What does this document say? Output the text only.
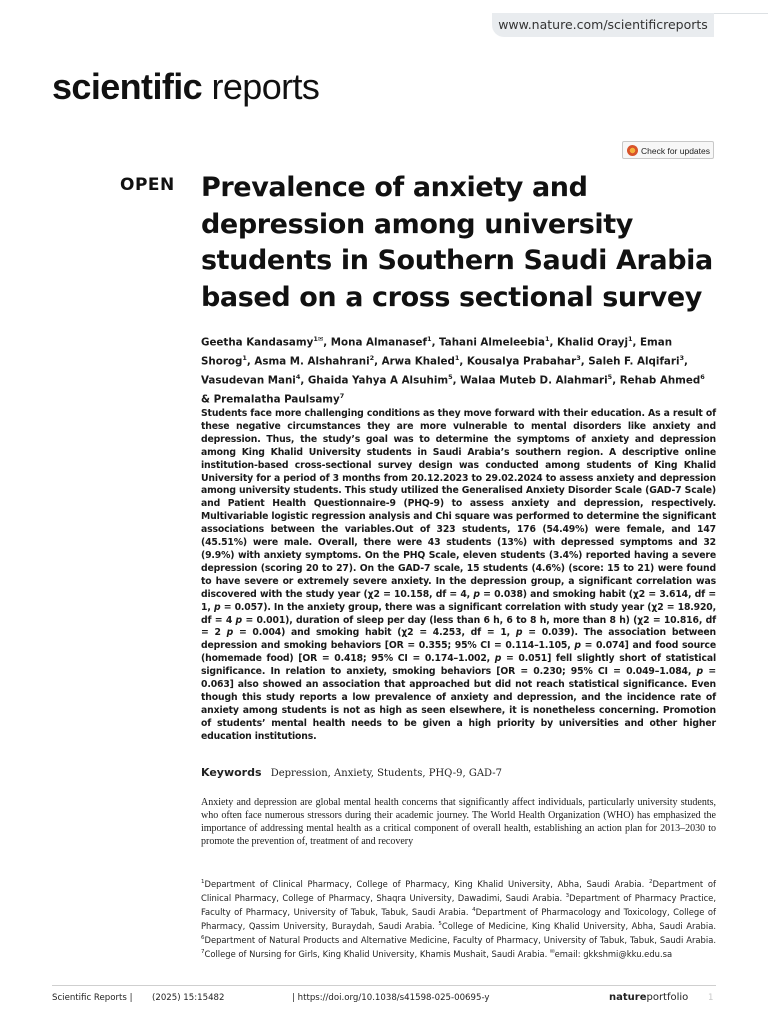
www.nature.com/scientificreports
scientific reports
Check for updates
OPEN Prevalence of anxiety and depression among university students in Southern Saudi Arabia based on a cross sectional survey
Geetha Kandasamy$^{1✉}$, Mona Almanasef$^1$, Tahani Almeleebia$^1$, Khalid Orayj$^1$, Eman Shorog$^1$, Asma M. Alshahrani$^2$, Arwa Khaled$^1$, Kousalya Prabahar$^3$, Saleh F. Alqifari$^3$, Vasudevan Mani$^4$, Ghaida Yahya A Alsuhim$^5$, Walaa Muteb D. Alahmari$^5$, Rehab Ahmed$^6$ & Premalatha Paulsamy$^7$
Students face more challenging conditions as they move forward with their education. As a result of these negative circumstances they are more vulnerable to mental disorders like anxiety and depression. Thus, the study’s goal was to determine the symptoms of anxiety and depression among King Khalid University students in Saudi Arabia’s southern region. A descriptive online institution-based cross-sectional survey design was conducted among students of King Khalid University for a period of 3 months from 20.12.2023 to 29.02.2024 to assess anxiety and depression among university students. This study utilized the Generalised Anxiety Disorder Scale (GAD-7 Scale) and Patient Health Questionnaire-9 (PHQ-9) to assess anxiety and depression, respectively. Multivariable logistic regression analysis and Chi square was performed to determine the significant associations between the variables.Out of 323 students, 176 (54.49%) were female, and 147 (45.51%) were male. Overall, there were 43 students (13%) with depressed symptoms and 32 (9.9%) with anxiety symptoms. On the PHQ Scale, eleven students (3.4%) reported having a severe depression (scoring 20 to 27). On the GAD-7 scale, 15 students (4.6%) (score: 15 to 21) were found to have severe or extremely severe anxiety. In the depression group, a significant correlation was discovered with the study year (χ2 = 10.158, df = 4, p = 0.038) and smoking habit (χ2 = 3.614, df = 1, p = 0.057). In the anxiety group, there was a significant correlation with study year (χ2 = 18.920, df = 4 p = 0.001), duration of sleep per day (less than 6 h, 6 to 8 h, more than 8 h) (χ2 = 10.816, df = 2 p = 0.004) and smoking habit (χ2 = 4.253, df = 1, p = 0.039). The association between depression and smoking behaviors [OR = 0.355; 95% CI = 0.114–1.105, p = 0.074] and food source (homemade food) [OR = 0.418; 95% CI = 0.174–1.002, p = 0.051] fell slightly short of statistical significance. In relation to anxiety, smoking behaviors [OR = 0.230; 95% CI = 0.049–1.084, p = 0.063] also showed an association that approached but did not reach statistical significance. Even though this study reports a low prevalence of anxiety and depression, and the incidence rate of anxiety among students is not as high as seen elsewhere, it is nonetheless concerning. Promotion of students’ mental health needs to be given a high priority by universities and other higher education institutions.
Keywords Depression, Anxiety, Students, PHQ-9, GAD-7

Anxiety and depression are global mental health concerns that significantly affect individuals, particularly university students, who often face numerous stressors during their academic journey. The World Health Organization (WHO) has emphasized the importance of addressing mental health as a critical component of overall health, establishing an action plan for 2013–2030 to promote the prevention of, treatment of and recovery

$^1$Department of Clinical Pharmacy, College of Pharmacy, King Khalid University, Abha, Saudi Arabia. $^2$Department of Clinical Pharmacy, College of Pharmacy, Shaqra University, Dawadimi, Saudi Arabia. $^3$Department of Pharmacy Practice, Faculty of Pharmacy, University of Tabuk, Tabuk, Saudi Arabia. $^4$Department of Pharmacology and Toxicology, College of Pharmacy, Qassim University, Buraydah, Saudi Arabia. $^5$College of Medicine, King Khalid University, Abha, Saudi Arabia. $^6$Department of Natural Products and Alternative Medicine, Faculty of Pharmacy, University of Tabuk, Tabuk, Saudi Arabia. $^7$College of Nursing for Girls, King Khalid University, Khamis Mushait, Saudi Arabia. ✉email: gkkshmi@kku.edu.sa
Scientific Reports | (2025) 15:15482	| https://doi.org/10.1038/s41598-025-00695-y	natureportfolio 1
